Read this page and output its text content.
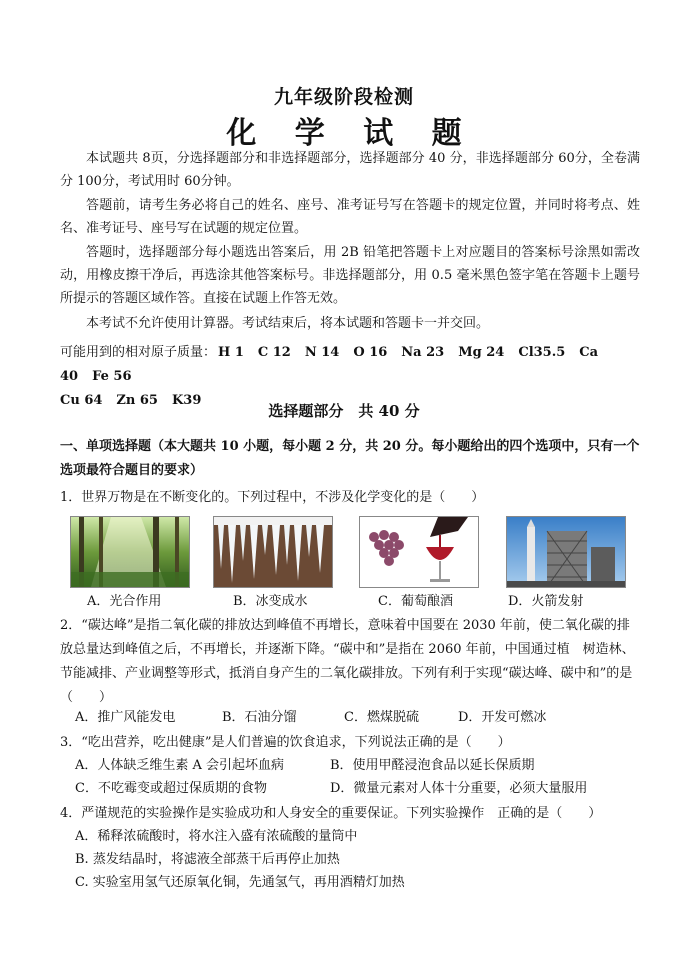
九年级阶段检测
化 学 试 题
本试题共 8页，分选择题部分和非选择题部分，选择题部分 40 分，非选择题部分 60分，全卷满分 100分，考试用时 60分钟。
答题前，请考生务必将自己的姓名、座号、准考证号写在答题卡的规定位置，并同时将考点、姓名、准考证号、座号写在试题的规定位置。
答题时，选择题部分每小题选出答案后，用 2B 铅笔把答题卡上对应题目的答案标号涂黑如需改动，用橡皮擦干净后，再选涂其他答案标号。非选择题部分，用 0.5 毫米黑色签字笔在答题卡上题号所提示的答题区域作答。直接在试题上作答无效。
本考试不允许使用计算器。考试结束后，将本试题和答题卡一并交回。
可能用到的相对原子质量： H 1 C 12 N 14 O 16 Na 23 Mg 24 Cl35.5 Ca 40 Fe 56
Cu 64 Zn 65 K39
选择题部分　共 40 分
一、单项选择题（本大题共 10 小题，每小题 2 分，共 20 分。每小题给出的四个选项中，只有一个选项最符合题目的要求）
1．世界万物是在不断变化的。下列过程中，不涉及化学变化的是（　　）
A．光合作用	B．冰变成水	C．葡萄酿酒	D．火箭发射
2．“碳达峰”是指二氧化碳的排放达到峰值不再增长，意味着中国要在 2030 年前，使二氧化碳的排放总量达到峰值之后，不再增长，并逐渐下降。“碳中和”是指在 2060 年前，中国通过植　树造林、节能减排、产业调整等形式，抵消自身产生的二氧化碳排放。下列有利于实现“碳达峰、碳中和”的是（　　）
A．推广风能发电	B．石油分馏	C．燃煤脱硫	D．开发可燃冰
3．“吃出营养，吃出健康”是人们普遍的饮食追求，下列说法正确的是（　　）
A．人体缺乏维生素 A 会引起坏血病	B．使用甲醛浸泡食品以延长保质期
C．不吃霉变或超过保质期的食物	D．微量元素对人体十分重要，必须大量服用
4．严谨规范的实验操作是实验成功和人身安全的重要保证。下列实验操作　正确的是（　　）
A．稀释浓硫酸时，将水注入盛有浓硫酸的量筒中
B. 蒸发结晶时，将滤液全部蒸干后再停止加热
C. 实验室用氢气还原氧化铜，先通氢气，再用酒精灯加热
